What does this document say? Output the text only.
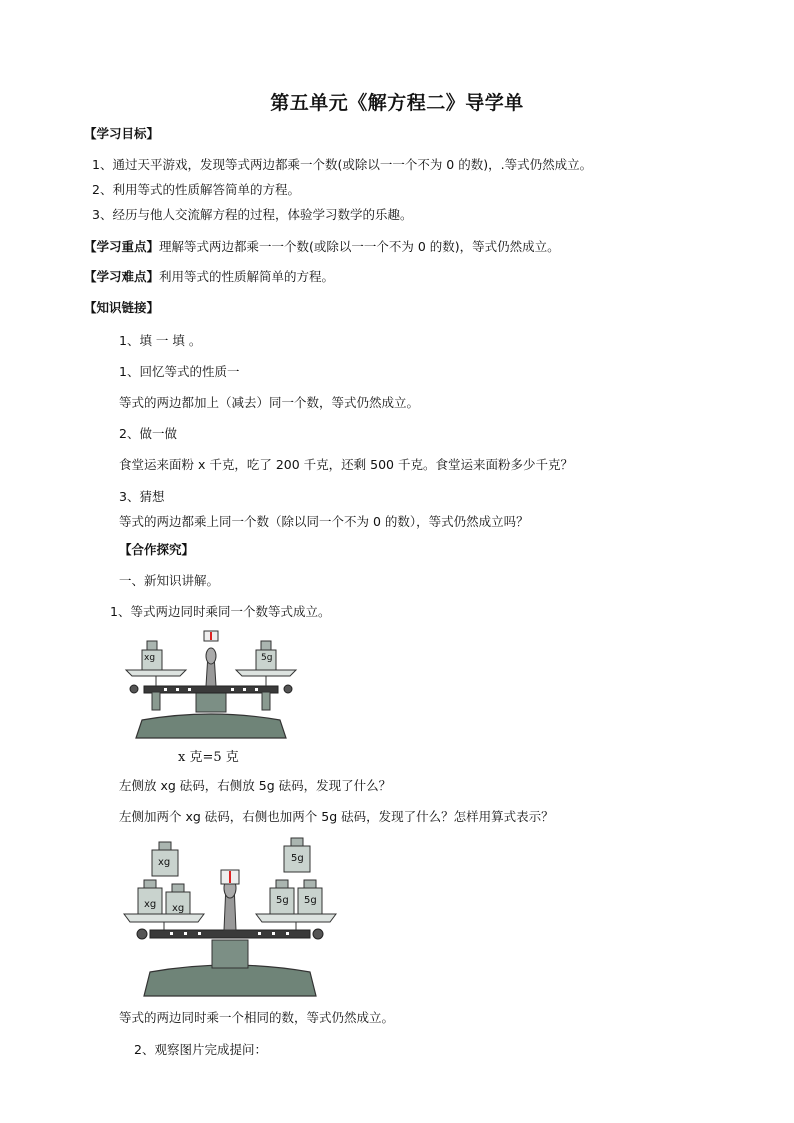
第五单元《解方程二》导学单
【学习目标】
1、通过天平游戏，发现等式两边都乘一个数(或除以一一个不为 0 的数)，.等式仍然成立。
2、利用等式的性质解答简单的方程。
3、经历与他人交流解方程的过程，体验学习数学的乐趣。
【学习重点】理解等式两边都乘一一个数(或除以一一个不为 0 的数)，等式仍然成立。
【学习难点】利用等式的性质解简单的方程。
【知识链接】
1、填 一 填 。
1、回忆等式的性质一
等式的两边都加上（减去）同一个数，等式仍然成立。
2、做一做
食堂运来面粉 x 千克，吃了 200 千克，还剩 500 千克。食堂运来面粉多少千克？
3、猜想
等式的两边都乘上同一个数（除以同一个不为 0 的数），等式仍然成立吗？
【合作探究】
一、新知识讲解。
1、等式两边同时乘同一个数等式成立。
xg	5g
x 克=5 克
左侧放 xg 砝码，右侧放 5g 砝码，发现了什么？
左侧加两个 xg 砝码，右侧也加两个 5g 砝码，发现了什么？怎样用算式表示？
xg
xg xg
5g
5g 5g
等式的两边同时乘一个相同的数，等式仍然成立。
2、观察图片完成提问：
